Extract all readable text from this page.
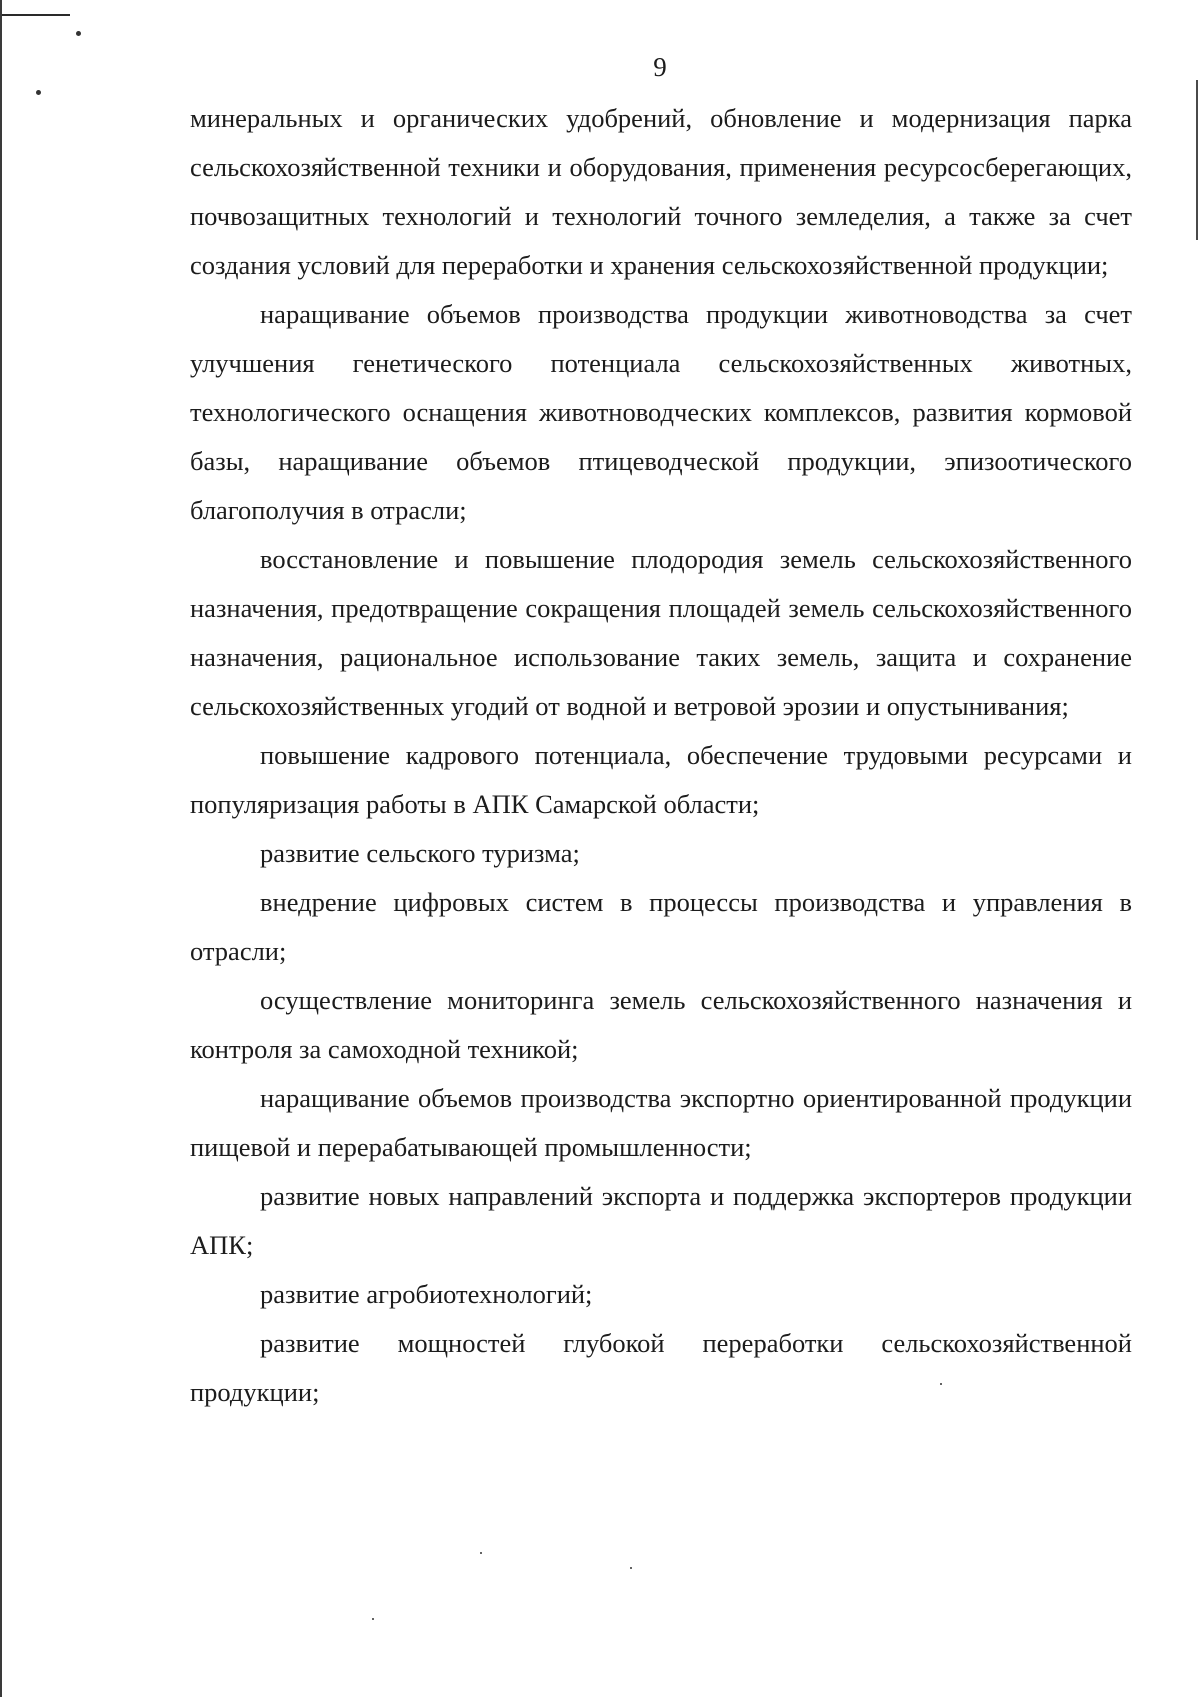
9

минеральных и органических удобрений, обновление и модернизация парка сельскохозяйственной техники и оборудования, применения ресурсосберегающих, почвозащитных технологий и технологий точного земледелия, а также за счет создания условий для переработки и хранения сельскохозяйственной продукции;

наращивание объемов производства продукции животноводства за счет улучшения генетического потенциала сельскохозяйственных животных, технологического оснащения животноводческих комплексов, развития кормовой базы, наращивание объемов птицеводческой продукции, эпизоотического благополучия в отрасли;

восстановление и повышение плодородия земель сельскохозяйственного назначения, предотвращение сокращения площадей земель сельскохозяйственного назначения, рациональное использование таких земель, защита и сохранение сельскохозяйственных угодий от водной и ветровой эрозии и опустынивания;

повышение кадрового потенциала, обеспечение трудовыми ресурсами и популяризация работы в АПК Самарской области;

развитие сельского туризма;

внедрение цифровых систем в процессы производства и управления в отрасли;

осуществление мониторинга земель сельскохозяйственного назначения и контроля за самоходной техникой;

наращивание объемов производства экспортно ориентированной продукции пищевой и перерабатывающей промышленности;

развитие новых направлений экспорта и поддержка экспортеров продукции АПК;

развитие агробиотехнологий;

развитие мощностей глубокой переработки сельскохозяйственной продукции;
